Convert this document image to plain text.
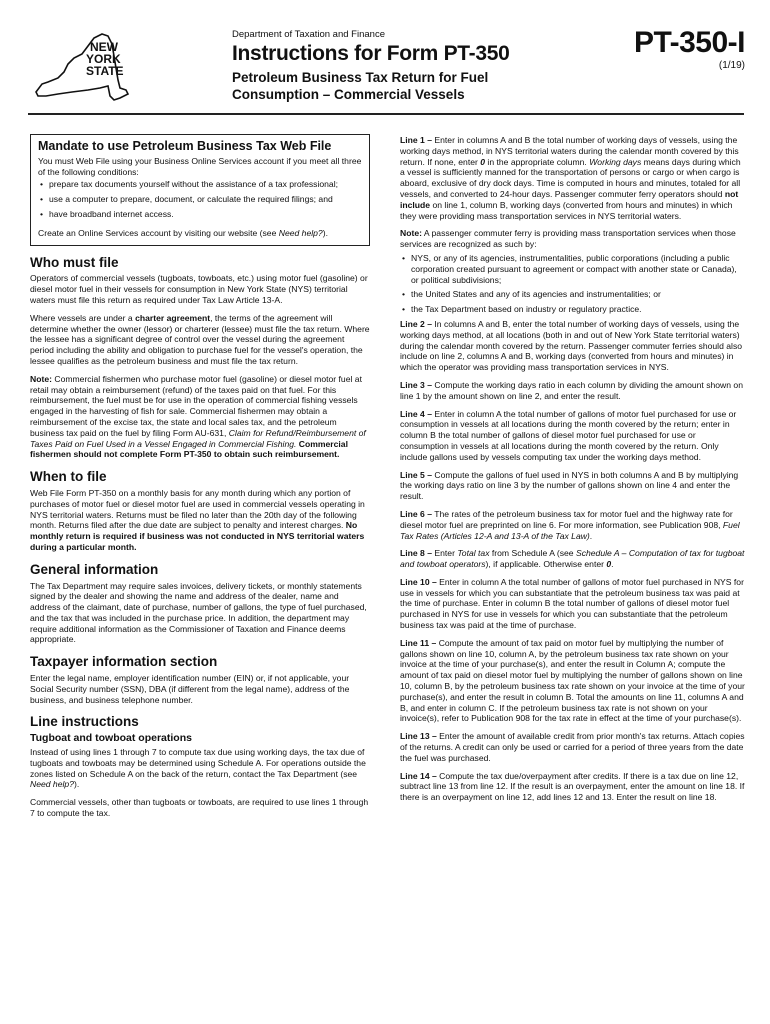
NEW
YORK
STATE
Department of Taxation and Finance
Instructions for Form PT-350
Petroleum Business Tax Return for Fuel Consumption – Commercial Vessels
PT-350-I
(1/19)
Mandate to use Petroleum Business Tax Web File

You must Web File using your Business Online Services account if you meet all three of the following conditions:

• prepare tax documents yourself without the assistance of a tax professional;
• use a computer to prepare, document, or calculate the required filings; and
• have broadband internet access.

Create an Online Services account by visiting our website (see Need help?).

Who must file

Operators of commercial vessels (tugboats, towboats, etc.) using motor fuel (gasoline) or diesel motor fuel in their vessels for consumption in New York State (NYS) territorial waters must file this return as required under Tax Law Article 13-A.

Where vessels are under a charter agreement, the terms of the agreement will determine whether the owner (lessor) or charterer (lessee) must file the tax return. Where the lessee has a significant degree of control over the vessel during the agreement period including the ability and obligation to purchase fuel for the vessel's operation, the lessee qualifies as the petroleum business and must file the tax return.

Note: Commercial fishermen who purchase motor fuel (gasoline) or diesel motor fuel at retail may obtain a reimbursement (refund) of the taxes paid on that fuel. For this reimbursement, the fuel must be for use in the operation of commercial fishing vessels engaged in the harvesting of fish for sale. Commercial fishermen may obtain a reimbursement of the excise tax, the state and local sales tax, and the petroleum business tax paid on the fuel by filing Form AU-631, Claim for Refund/Reimbursement of Taxes Paid on Fuel Used in a Vessel Engaged in Commercial Fishing. Commercial fishermen should not complete Form PT-350 to obtain such reimbursement.

When to file

Web File Form PT-350 on a monthly basis for any month during which any portion of purchases of motor fuel or diesel motor fuel are used in commercial vessels operating in NYS territorial waters. Returns must be filed no later than the 20th day of the following month. Returns filed after the due date are subject to penalty and interest charges. No monthly return is required if business was not conducted in NYS territorial waters during a particular month.

General information

The Tax Department may require sales invoices, delivery tickets, or monthly statements signed by the dealer and showing the name and address of the dealer, name and address of the claimant, date of purchase, number of gallons, the type of fuel purchased, and the tax that was included in the purchase price. In addition, the department may require additional information as the Commissioner of Taxation and Finance deems appropriate.

Taxpayer information section

Enter the legal name, employer identification number (EIN) or, if not applicable, your Social Security number (SSN), DBA (if different from the legal name), address of the business, and business telephone number.

Line instructions
Tugboat and towboat operations

Instead of using lines 1 through 7 to compute tax due using working days, the tax due of tugboats and towboats may be determined using Schedule A. For operations outside the zones listed on Schedule A on the back of the return, contact the Tax Department (see Need help?).

Commercial vessels, other than tugboats or towboats, are required to use lines 1 through 7 to compute the tax.

Line 1 – Enter in columns A and B the total number of working days of vessels, using the working days method, in NYS territorial waters during the calendar month covered by this return. If none, enter 0 in the appropriate column. Working days means days during which a vessel is sufficiently manned for the transportation of persons or cargo or when cargo is aboard, exclusive of dry dock days. Time is computed in hours and minutes, totaled for all vessels, and converted to 24-hour days. Passenger commuter ferry operators should not include on line 1, column B, working days (converted from hours and minutes) in which they were providing mass transportation services in NYS territorial waters.

Note: A passenger commuter ferry is providing mass transportation services when those services are recognized as such by:

• NYS, or any of its agencies, instrumentalities, public corporations (including a public corporation created pursuant to agreement or compact with another state or Canada), or political subdivisions;
• the United States and any of its agencies and instrumentalities; or
• the Tax Department based on industry or regulatory practice.

Line 2 – In columns A and B, enter the total number of working days of vessels, using the working days method, at all locations (both in and out of New York State territorial waters) during the calendar month covered by the return. Passenger commuter ferries should also include on line 2, columns A and B, working days (converted from hours and minutes) in which the operator was providing mass transportation services in NYS.

Line 3 – Compute the working days ratio in each column by dividing the amount shown on line 1 by the amount shown on line 2, and enter the result.

Line 4 – Enter in column A the total number of gallons of motor fuel purchased for use or consumption in vessels at all locations during the month covered by the return; enter in column B the total number of gallons of diesel motor fuel purchased for use or consumption in vessels at all locations during the month covered by the return. Only include gallons used by vessels computing tax under the working days method.

Line 5 – Compute the gallons of fuel used in NYS in both columns A and B by multiplying the working days ratio on line 3 by the number of gallons shown on line 4 and enter the result.

Line 6 – The rates of the petroleum business tax for motor fuel and the highway rate for diesel motor fuel are preprinted on line 6. For more information, see Publication 908, Fuel Tax Rates (Articles 12-A and 13-A of the Tax Law).

Line 8 – Enter Total tax from Schedule A (see Schedule A – Computation of tax for tugboat and towboat operators), if applicable. Otherwise enter 0.

Line 10 – Enter in column A the total number of gallons of motor fuel purchased in NYS for use in vessels for which you can substantiate that the petroleum business tax was paid at the time of purchase. Enter in column B the total number of gallons of diesel motor fuel purchased in NYS for use in vessels for which you can substantiate that the petroleum business tax was paid at the time of purchase.

Line 11 – Compute the amount of tax paid on motor fuel by multiplying the number of gallons shown on line 10, column A, by the petroleum business tax rate shown on your invoice at the time of your purchase(s), and enter the result in Column A; compute the amount of tax paid on diesel motor fuel by multiplying the number of gallons shown on line 10, column B, by the petroleum business tax rate shown on your invoice at the time of your purchase(s), and enter the result in column B. Total the amounts on line 11, columns A and B, and enter in column C. If the petroleum business tax rate is not shown on your invoice(s), refer to Publication 908 for the tax rate in effect at the time of your purchase(s).

Line 13 – Enter the amount of available credit from prior month's tax returns. Attach copies of the returns. A credit can only be used or carried for a period of three years from the date the fuel was purchased.

Line 14 – Compute the tax due/overpayment after credits. If there is a tax due on line 12, subtract line 13 from line 12. If the result is an overpayment, enter the amount on line 18. If there is an overpayment on line 12, add lines 12 and 13. Enter the result on line 18.
